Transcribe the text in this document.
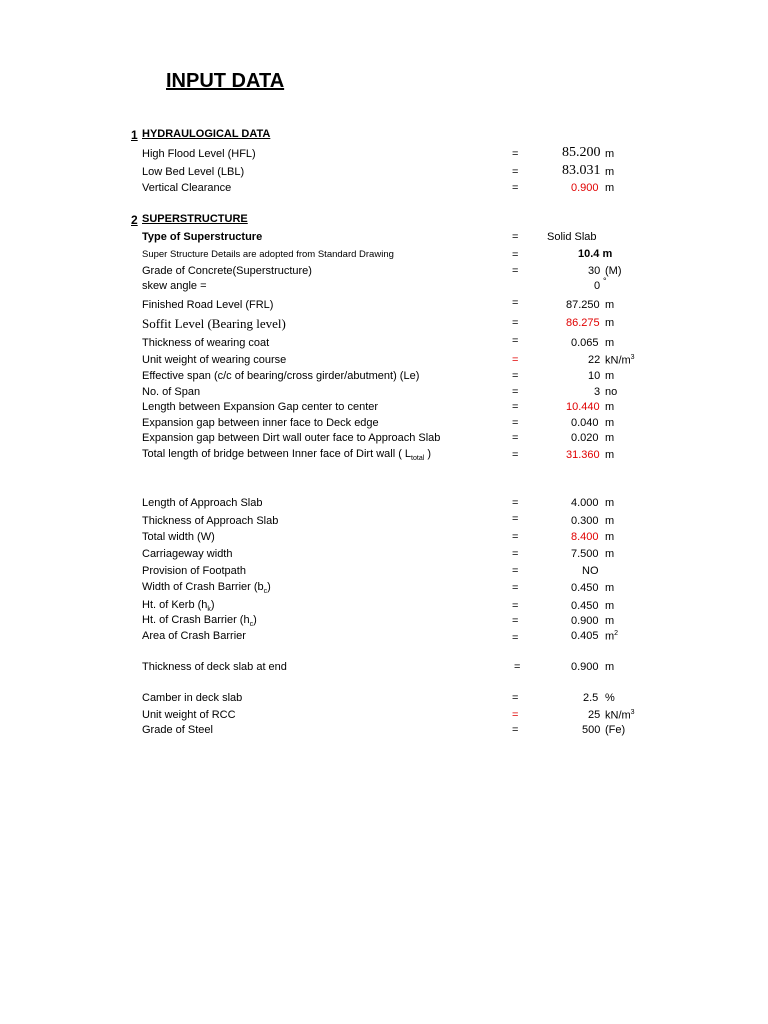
INPUT DATA
1 HYDRAULOGICAL DATA
High Flood Level (HFL)	=	85.200 m
Low Bed Level (LBL)	=	83.031 m
Vertical Clearance	=	0.900 m
2 SUPERSTRUCTURE
Type of Superstructure	=	Solid Slab
Super Structure Details are adopted from Standard Drawing	=	10.4 m
Grade of Concrete(Superstructure)	=	30 (M)
skew angle =	0 °
Finished Road Level (FRL)	=	87.250 m
Soffit Level (Bearing level)	=	86.275 m
Thickness of wearing coat	=	0.065 m
Unit weight of wearing course	=	22 $kN/m^3$
Effective span (c/c of bearing/cross girder/abutment) (Le)	=	10 m
No. of Span	=	3 no
Length between Expansion Gap center to center	=	10.440 m
Expansion gap between inner face to Deck edge	=	0.040 m
Expansion gap between Dirt wall outer face to Approach Slab	=	0.020 m
Total length of bridge between Inner face of Dirt wall ( $L_{total}$ )	=	31.360 m
Length of Approach Slab	=	4.000 m
Thickness of Approach Slab	=	0.300 m
Total width (W)	=	8.400 m
Carriageway width	=	7.500 m
Provision of Footpath	=	NO
Width of Crash Barrier $(b_c)$	=	0.450 m
Ht. of Kerb $(h_k)$	=	0.450 m
Ht. of Crash Barrier $(h_c)$	=	0.900 m
Area of Crash Barrier	=	0.405 $m^2$
Thickness of deck slab at end	=	0.900 m
Camber in deck slab	=	2.5 %
Unit weight of RCC	=	25 $kN/m^3$
Grade of Steel	=	500 (Fe)
